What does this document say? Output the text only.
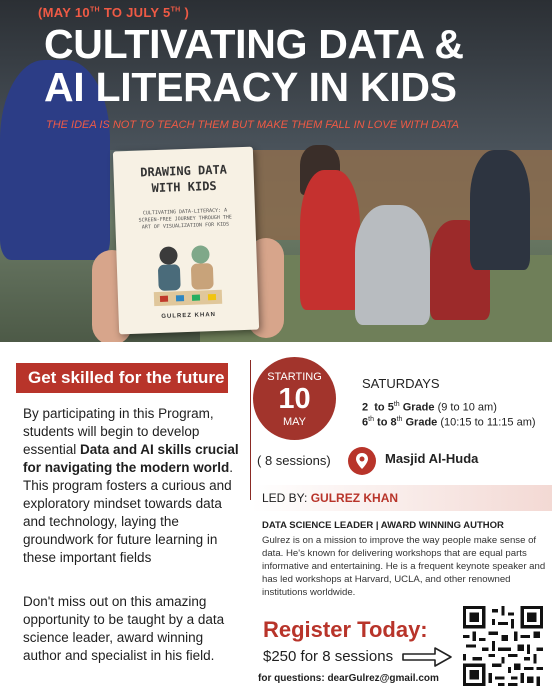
(MAY 10TH TO JULY 5TH )
CULTIVATING DATA &
AI LITERACY IN KIDS
THE IDEA IS NOT TO TEACH THEM BUT MAKE THEM FALL IN LOVE WITH DATA
DRAWING DATA
WITH KIDS
CULTIVATING DATA-LITERACY: A SCREEN-FREE JOURNEY THROUGH THE ART OF VISUALIZATION FOR KIDS
GULREZ KHAN
Get skilled for the future

By participating in this Program, students will begin to develop essential Data and AI skills crucial for navigating the modern world. This program fosters a curious and exploratory mindset towards data and technology, laying the groundwork for future learning in these important fields

Don't miss out on this amazing opportunity to be taught by a data science leader, award winning author and specialist in his field.

STARTING
10
MAY
( 8 sessions)
SATURDAYS
2 to 5th Grade (9 to 10 am)
6th to 8th Grade (10:15 to 11:15 am)
Masjid Al-Huda
LED BY: GULREZ KHAN
DATA SCIENCE LEADER | AWARD WINNING AUTHOR

Gulrez is on a mission to improve the way people make sense of data. He's known for delivering workshops that are equal parts informative and entertaining. He is a frequent keynote speaker and has led workshops at Harvard, UCLA, and other renowned institutions worldwide.

Register Today:
$250 for 8 sessions
for questions: dearGulrez@gmail.com
